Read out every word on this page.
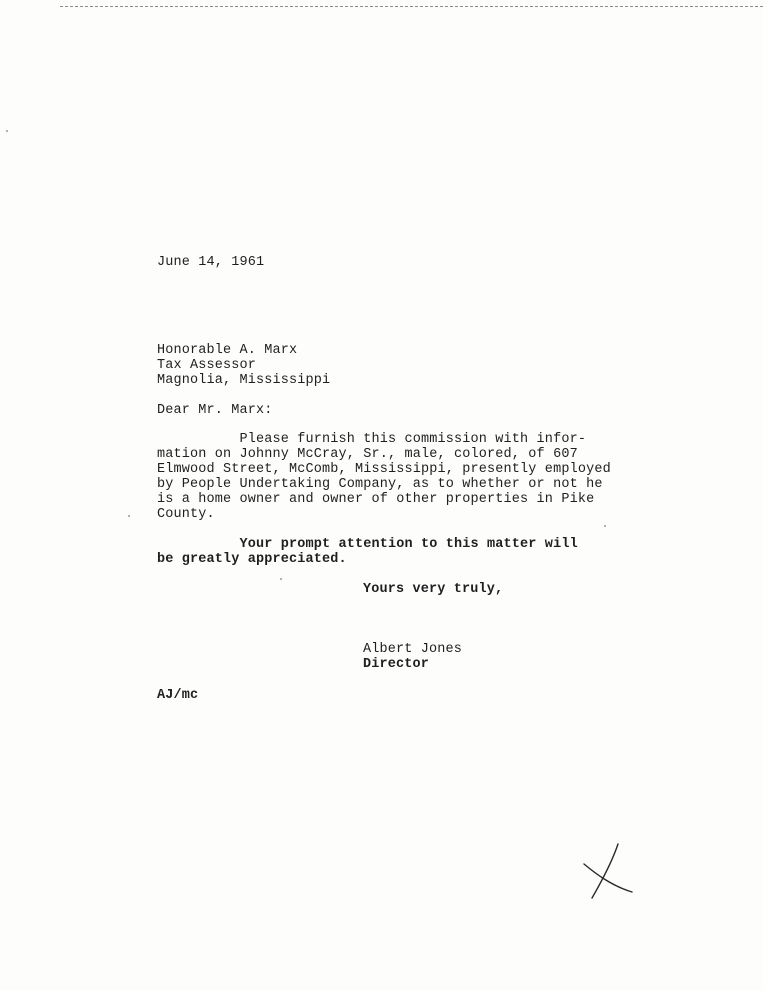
June 14, 1961
Honorable A. Marx
Tax Assessor
Magnolia, Mississippi
Dear Mr. Marx:
Please furnish this commission with infor-
mation on Johnny McCray, Sr., male, colored, of 607
Elmwood Street, McComb, Mississippi, presently employed
by People Undertaking Company, as to whether or not he
is a home owner and owner of other properties in Pike
County.
Your prompt attention to this matter will
be greatly appreciated.
Yours very truly,
Albert Jones
Director
AJ/mc
